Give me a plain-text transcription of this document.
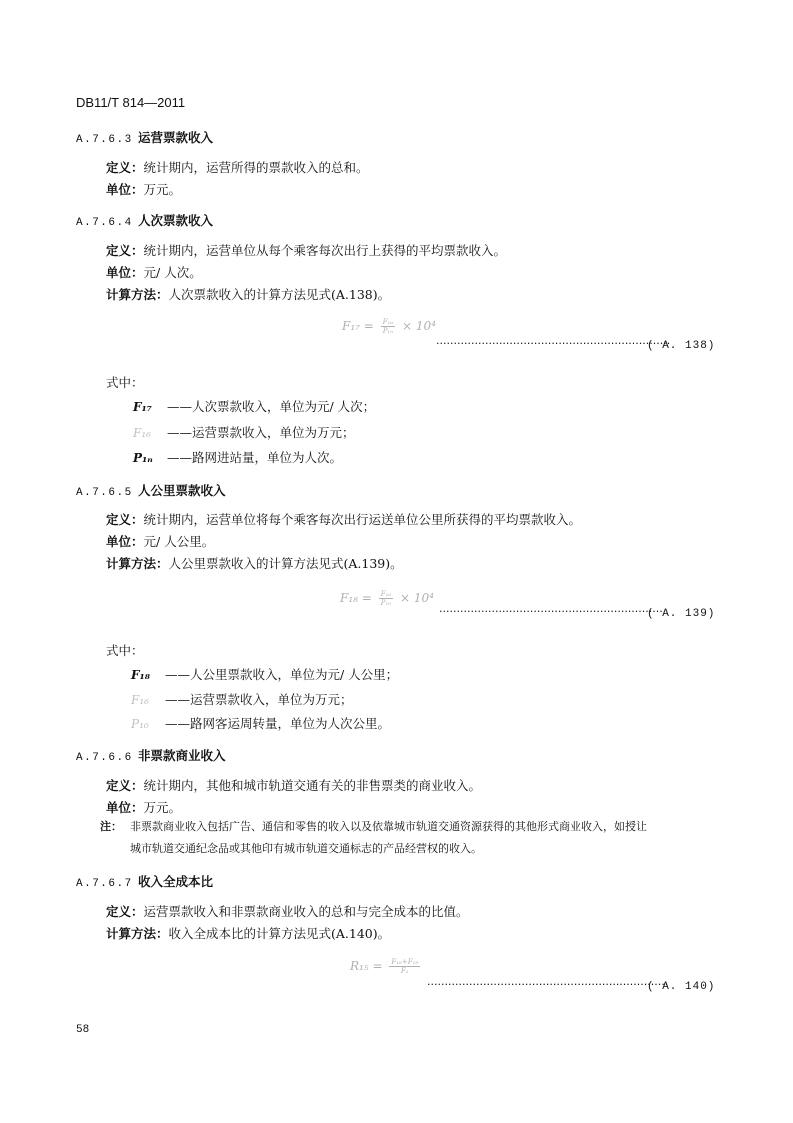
DB11/T 814—2011
A.7.6.3 运营票款收入
定义：统计期内，运营所得的票款收入的总和。
单位：万元。
A.7.6.4 人次票款收入
定义：统计期内，运营单位从每个乘客每次出行上获得的平均票款收入。
单位：元/ 人次。
计算方法：人次票款收入的计算方法见式(A.138)。
$F_{17} = \frac{\text{F₁₆}}{\text{P₁ₙ}} \times 10^4$
···································································
( A. 138)
式中：
F₁₇ ——人次票款收入，单位为元/ 人次；
F₁₆ ——运营票款收入，单位为万元；
P₁ₙ ——路网进站量，单位为人次。
A.7.6.5 人公里票款收入
定义：统计期内，运营单位将每个乘客每次出行运送单位公里所获得的平均票款收入。
单位：元/ 人公里。
计算方法：人公里票款收入的计算方法见式(A.139)。
$F_{18} = \frac{\text{F₁₆}}{\text{P₁₀}} \times 10^4$
································································
( A. 139)
式中：
F₁₈ ——人公里票款收入，单位为元/ 人公里；
F₁₆ ——运营票款收入，单位为万元；
P₁₀ ——路网客运周转量，单位为人次公里。
A.7.6.6 非票款商业收入
定义：统计期内，其他和城市轨道交通有关的非售票类的商业收入。
单位：万元。
注： 非票款商业收入包括广告、通信和零售的收入以及依靠城市轨道交通资源获得的其他形式商业收入，如授让
城市轨道交通纪念品或其他印有城市轨道交通标志的产品经营权的收入。
A.7.6.7 收入全成本比
定义：运营票款收入和非票款商业收入的总和与完全成本的比值。
计算方法：收入全成本比的计算方法见式(A.140)。
$R_{15} = \frac{\text{F₁₆+F₁₉}}{\text{F₂}}$
·····································································
( A. 140)
58
